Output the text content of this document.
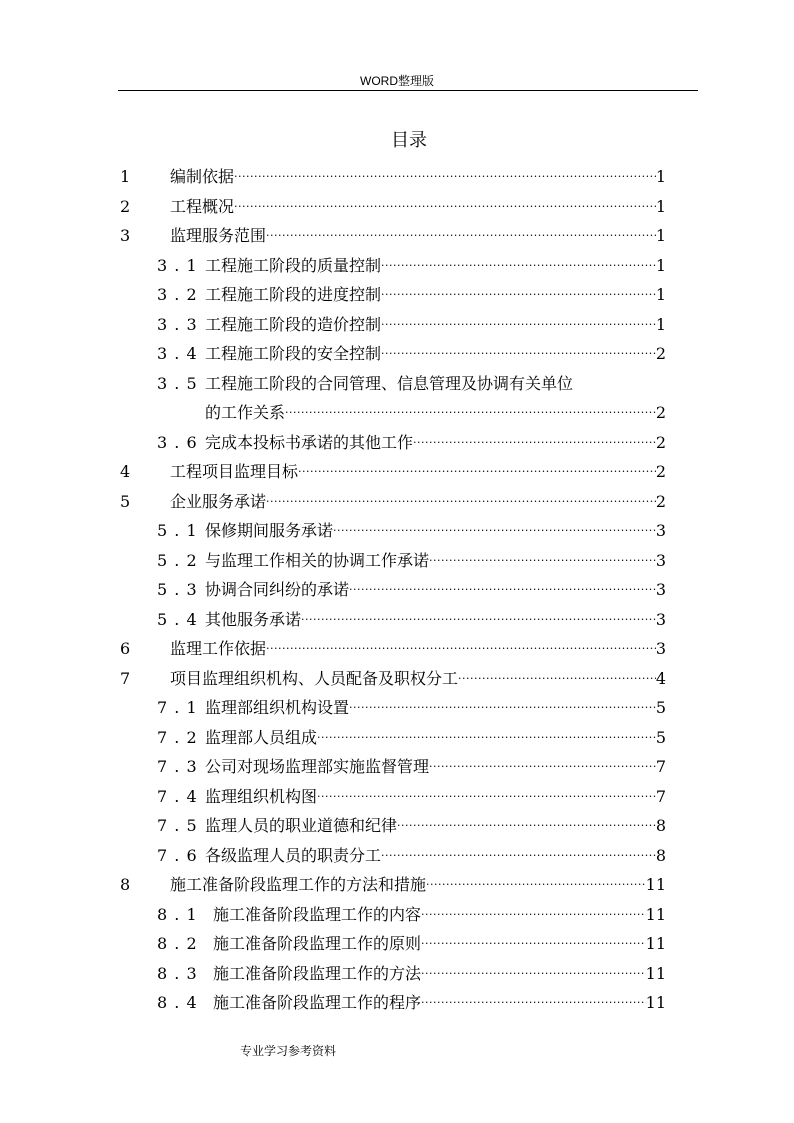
WORD整理版
目录
1 编制依据 ·····	1
2 工程概况 ·····	1
3 监理服务范围 ·····	1
3 . 1 工程施工阶段的质量控制 ·····	1
3 . 2 工程施工阶段的进度控制 ·····	1
3 . 3 工程施工阶段的造价控制 ·····	1
3 . 4 工程施工阶段的安全控制 ·····	2
3 . 5 工程施工阶段的合同管理、信息管理及协调有关单位
的工作关系 ·····	2
3 . 6 完成本投标书承诺的其他工作 ·····	2
4 工程项目监理目标 ·····	2
5 企业服务承诺 ·····	2
5 . 1 保修期间服务承诺 ·····	3
5 . 2 与监理工作相关的协调工作承诺 ·····	3
5 . 3 协调合同纠纷的承诺 ·····	3
5 . 4 其他服务承诺 ·····	3
6 监理工作依据 ·····	3
7 项目监理组织机构、人员配备及职权分工 ·····	4
7 . 1 监理部组织机构设置 ·····	5
7 . 2 监理部人员组成 ·····	5
7 . 3 公司对现场监理部实施监督管理 ·····	7
7 . 4 监理组织机构图 ·····	7
7 . 5 监理人员的职业道德和纪律 ·····	8
7 . 6 各级监理人员的职责分工 ·····	8
8 施工准备阶段监理工作的方法和措施 ·····	11
8 . 1 施工准备阶段监理工作的内容 ·····	11
8 . 2 施工准备阶段监理工作的原则 ·····	11
8 . 3 施工准备阶段监理工作的方法 ·····	11
8 . 4 施工准备阶段监理工作的程序 ·····	11
专业学习参考资料
